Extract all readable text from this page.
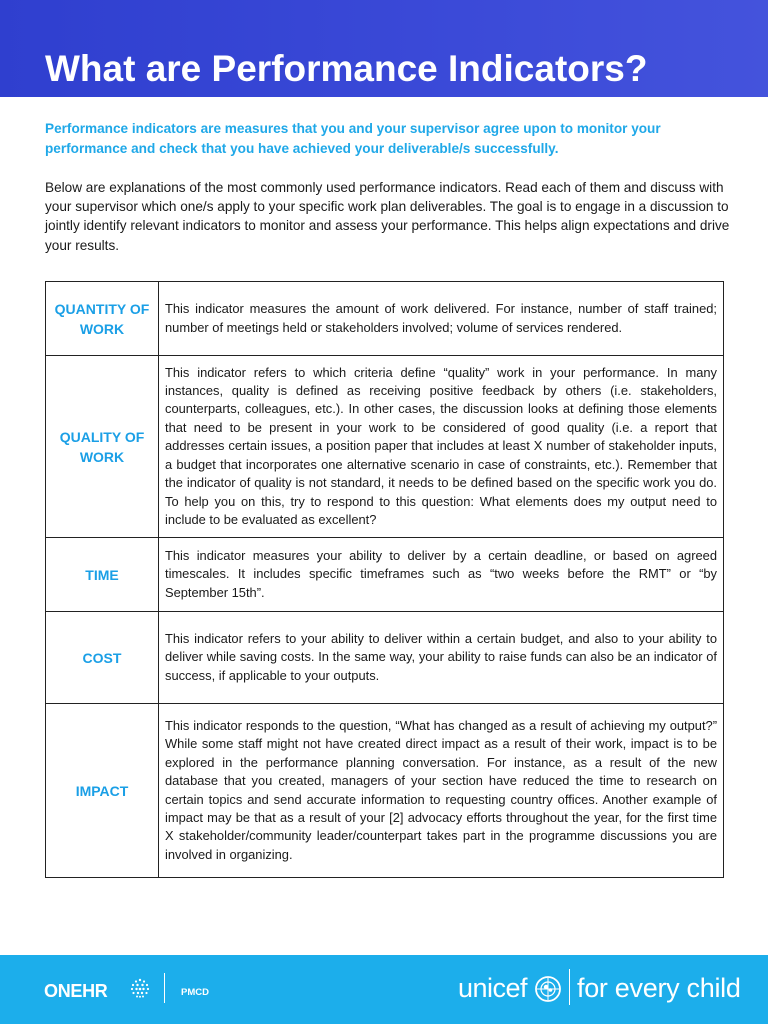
What are Performance Indicators?

Performance indicators are measures that you and your supervisor agree upon to monitor your performance and check that you have achieved your deliverable/s successfully.

Below are explanations of the most commonly used performance indicators. Read each of them and discuss with your supervisor which one/s apply to your specific work plan deliverables. The goal is to engage in a discussion to jointly identify relevant indicators to monitor and assess your performance. This helps align expectations and drive your results.

QUANTITY OF WORK	This indicator measures the amount of work delivered. For instance, number of staff trained; number of meetings held or stakeholders involved; volume of services rendered.
QUALITY OF WORK	This indicator refers to which criteria define “quality” work in your performance. In many instances, quality is defined as receiving positive feedback by others (i.e. stakeholders, counterparts, colleagues, etc.). In other cases, the discussion looks at defining those elements that need to be present in your work to be considered of good quality (i.e. a report that addresses certain issues, a position paper that includes at least X number of stakeholder inputs, a budget that incorporates one alternative scenario in case of constraints, etc.). Remember that the indicator of quality is not standard, it needs to be defined based on the specific work you do. To help you on this, try to respond to this question: What elements does my output need to include to be evaluated as excellent?
TIME	This indicator measures your ability to deliver by a certain deadline, or based on agreed timescales. It includes specific timeframes such as “two weeks before the RMT” or “by September 15th”.
COST	This indicator refers to your ability to deliver within a certain budget, and also to your ability to deliver while saving costs. In the same way, your ability to raise funds can also be an indicator of success, if applicable to your outputs.
IMPACT	This indicator responds to the question, “What has changed as a result of achieving my output?” While some staff might not have created direct impact as a result of their work, impact is to be explored in the performance planning conversation. For instance, as a result of the new database that you created, managers of your section have reduced the time to research on certain topics and send accurate information to requesting country offices. Another example of impact may be that as a result of your [2] advocacy efforts throughout the year, for the first time X stakeholder/community leader/counterpart takes part in the programme discussions you are involved in organizing.
ONEHR	PMCD	unicef for every child
